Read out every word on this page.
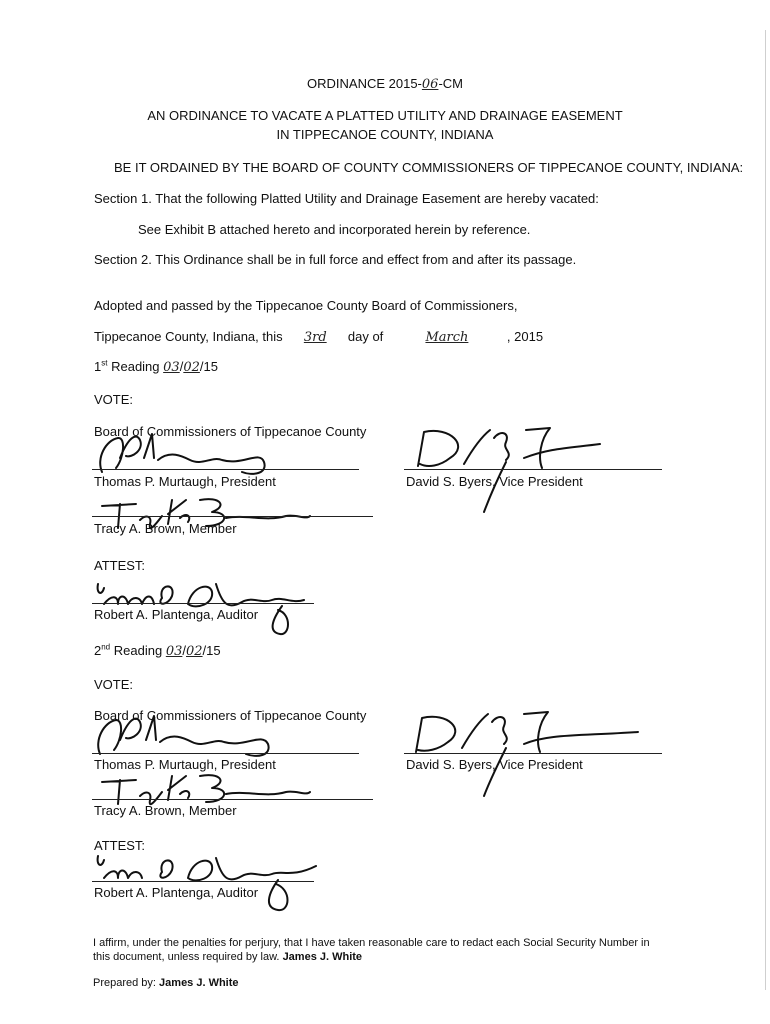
ORDINANCE 2015-06-CM
AN ORDINANCE TO VACATE A PLATTED UTILITY AND DRAINAGE EASEMENT
IN TIPPECANOE COUNTY, INDIANA
BE IT ORDAINED BY THE BOARD OF COUNTY COMMISSIONERS OF TIPPECANOE COUNTY, INDIANA:
Section 1. That the following Platted Utility and Drainage Easement are hereby vacated:
See Exhibit B attached hereto and incorporated herein by reference.
Section 2. This Ordinance shall be in full force and effect from and after its passage.
Adopted and passed by the Tippecanoe County Board of Commissioners,
Tippecanoe County, Indiana, this 3rd day of	March	, 2015
1st Reading 03/02/15
VOTE:
Board of Commissioners of Tippecanoe County
Thomas P. Murtaugh, President	David S. Byers, Vice President
Tracy A. Brown, Member
ATTEST:
Robert A. Plantenga, Auditor
2nd Reading 03/02/15
VOTE:
Board of Commissioners of Tippecanoe County
Thomas P. Murtaugh, President	David S. Byers, Vice President
Tracy A. Brown, Member
ATTEST:
Robert A. Plantenga, Auditor
I affirm, under the penalties for perjury, that I have taken reasonable care to redact each Social Security Number in
this document, unless required by law. James J. White
Prepared by: James J. White
